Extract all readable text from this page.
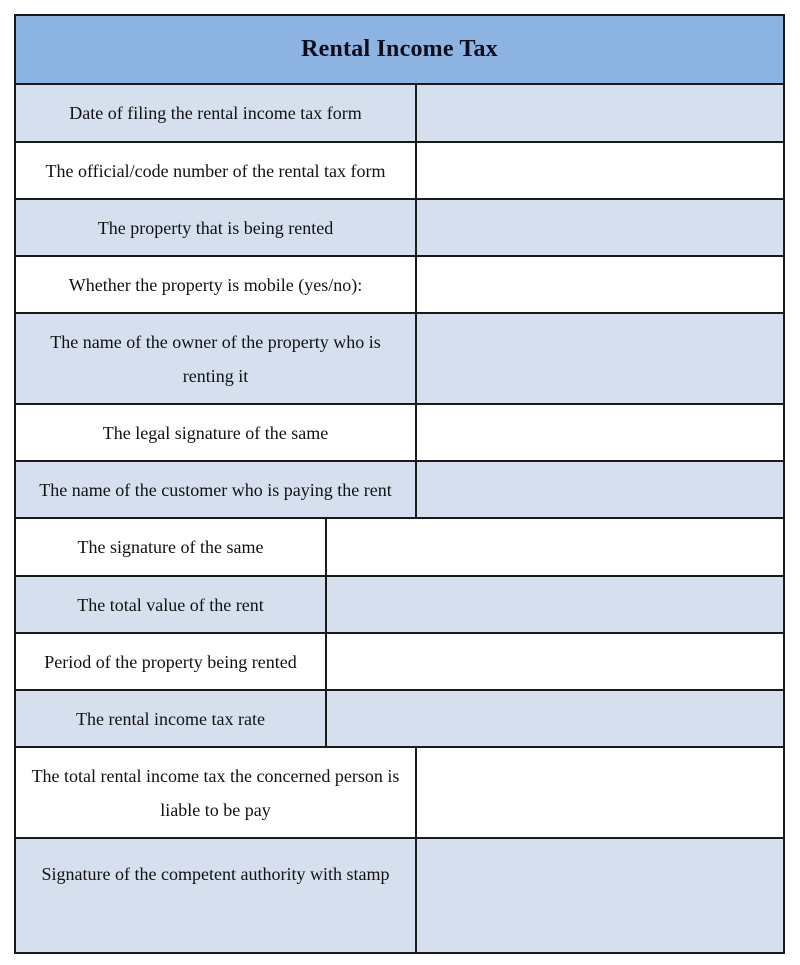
Rental Income Tax
Date of filing the rental income tax form
The official/code number of the rental tax form
The property that is being rented
Whether the property is mobile (yes/no):
The name of the owner of the property who is renting it
The legal signature of the same
The name of the customer who is paying the rent
The signature of the same
The total value of the rent
Period of the property being rented
The rental income tax rate
The total rental income tax the concerned person is liable to be pay
Signature of the competent authority with stamp
